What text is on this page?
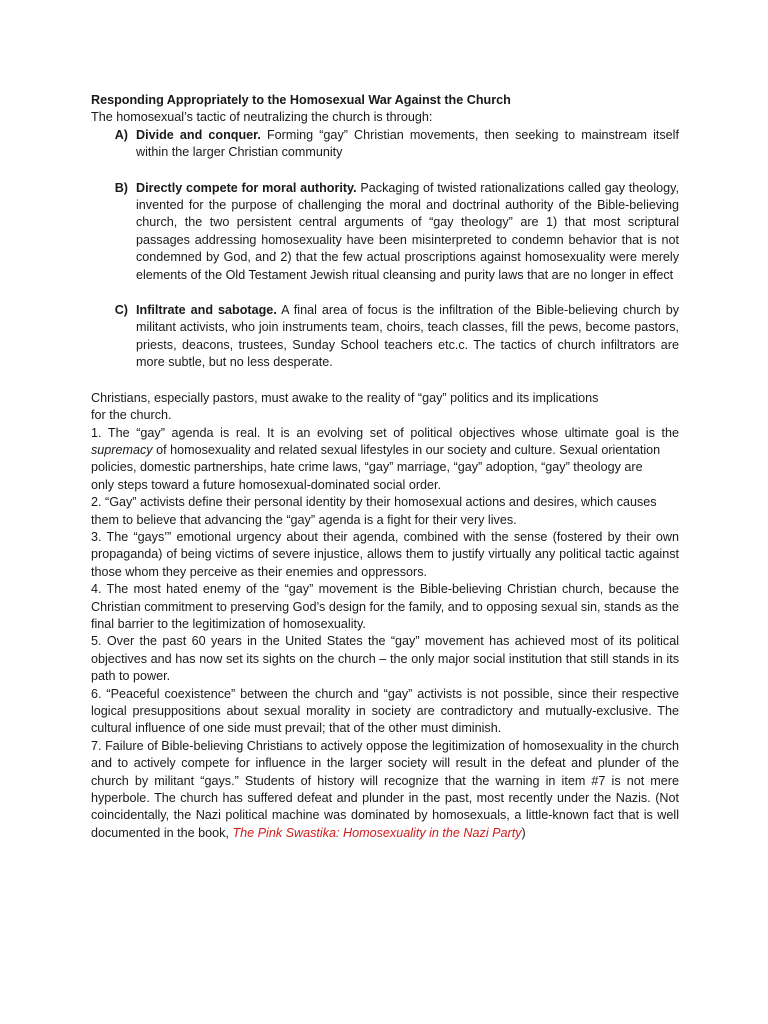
Responding Appropriately to the Homosexual War Against the Church

The homosexual’s tactic of neutralizing the church is through:

A) Divide and conquer. Forming “gay” Christian movements, then seeking to mainstream itself within the larger Christian community
B) Directly compete for moral authority. Packaging of twisted rationalizations called gay theology, invented for the purpose of challenging the moral and doctrinal authority of the Bible-believing church, the two persistent central arguments of “gay theology” are 1) that most scriptural passages addressing homosexuality have been misinterpreted to condemn behavior that is not condemned by God, and 2) that the few actual proscriptions against homosexuality were merely elements of the Old Testament Jewish ritual cleansing and purity laws that are no longer in effect
C) Infiltrate and sabotage. A final area of focus is the infiltration of the Bible-believing church by militant activists, who join instruments team, choirs, teach classes, fill the pews, become pastors, priests, deacons, trustees, Sunday School teachers etc.c. The tactics of church infiltrators are more subtle, but no less desperate.

Christians, especially pastors, must awake to the reality of “gay” politics and its implications

for the church.

1. The “gay” agenda is real. It is an evolving set of political objectives whose ultimate goal is the supremacy of homosexuality and related sexual lifestyles in our society and culture. Sexual orientation

policies, domestic partnerships, hate crime laws, “gay” marriage, “gay” adoption, “gay” theology are

only steps toward a future homosexual-dominated social order.

2. “Gay” activists define their personal identity by their homosexual actions and desires, which causes

them to believe that advancing the “gay” agenda is a fight for their very lives.

3. The “gays’” emotional urgency about their agenda, combined with the sense (fostered by their own propaganda) of being victims of severe injustice, allows them to justify virtually any political tactic against those whom they perceive as their enemies and oppressors.

4. The most hated enemy of the “gay” movement is the Bible-believing Christian church, because the Christian commitment to preserving God’s design for the family, and to opposing sexual sin, stands as the final barrier to the legitimization of homosexuality.

5. Over the past 60 years in the United States the “gay” movement has achieved most of its political objectives and has now set its sights on the church – the only major social institution that still stands in its path to power.

6. “Peaceful coexistence” between the church and “gay” activists is not possible, since their respective logical presuppositions about sexual morality in society are contradictory and mutually-exclusive. The cultural influence of one side must prevail; that of the other must diminish.

7. Failure of Bible-believing Christians to actively oppose the legitimization of homosexuality in the church and to actively compete for influence in the larger society will result in the defeat and plunder of the church by militant “gays.” Students of history will recognize that the warning in item #7 is not mere hyperbole. The church has suffered defeat and plunder in the past, most recently under the Nazis. (Not coincidentally, the Nazi political machine was dominated by homosexuals, a little-known fact that is well documented in the book, The Pink Swastika: Homosexuality in the Nazi Party)
